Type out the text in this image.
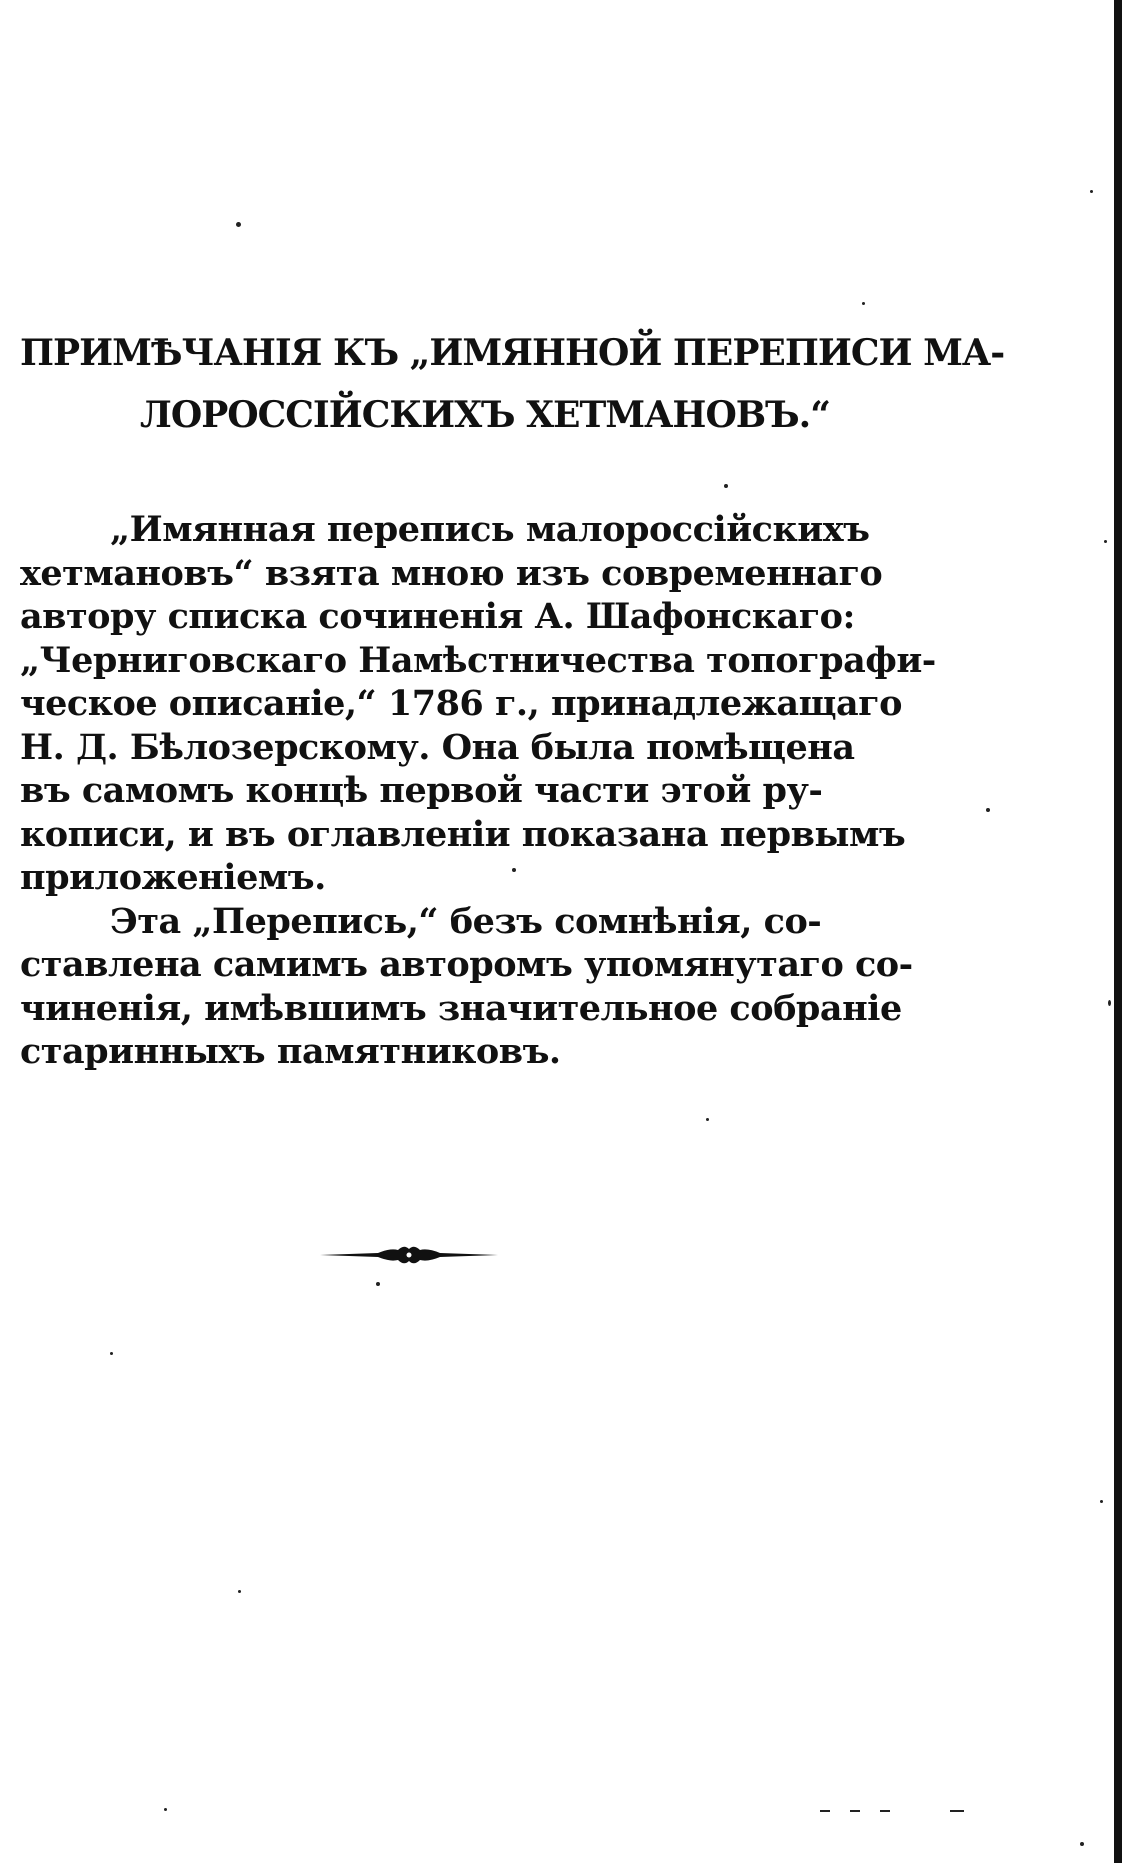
ПРИМѢЧАНІЯ КЪ „ИМЯННОЙ ПЕРЕПИСИ МА-
ЛОРОССІЙСКИХЪ ХЕТМАНОВЪ.“
„Имянная перепись малороссійскихъ
хетмановъ“ взята мною изъ современнаго
автору списка сочиненія А. Шафонскаго:
„Черниговскаго Намѣстничества топографи-
ческое описаніе,“ 1786 г., принадлежащаго
Н. Д. Бѣлозерскому. Она была помѣщена
въ самомъ концѣ первой части этой ру-
кописи, и въ оглавленіи показана первымъ
приложеніемъ.
Эта „Перепись,“ безъ сомнѣнія, со-
ставлена самимъ авторомъ упомянутаго со-
чиненія, имѣвшимъ значительное собраніе
старинныхъ памятниковъ.
